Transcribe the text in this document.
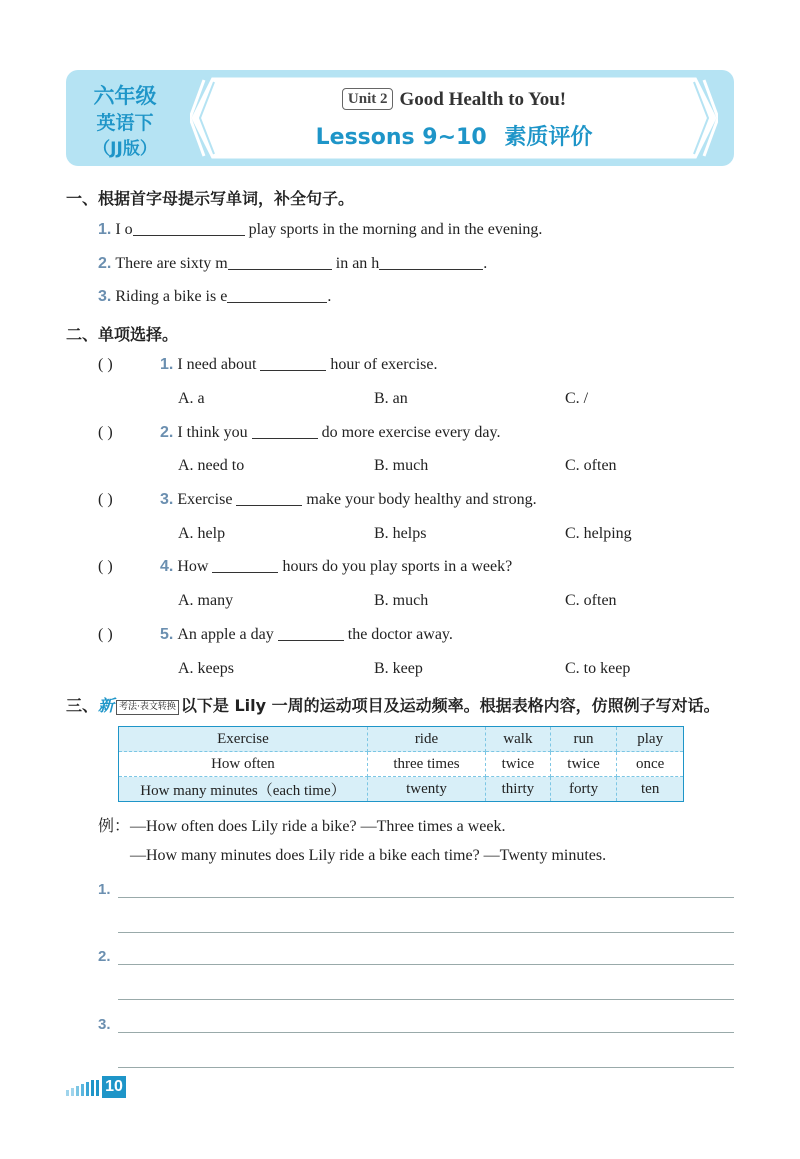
六年级
英语下
（JJ版）
Unit 2 Good Health to You!
Lessons 9~10 素质评价
一、根据首字母提示写单词，补全句子。
1. I o	play sports in the morning and in the evening.
2. There are sixty m	in an h	.
3. Riding a bike is e	.
二、单项选择。
( )	1. I need about	hour of exercise.
A. a	B. an	C. /
( )	2. I think you	do more exercise every day.
A. need to	B. much	C. often
( )	3. Exercise	make your body healthy and strong.
A. help	B. helps	C. helping
( )	4. How	hours do you play sports in a week?
A. many	B. much	C. often
( )	5. An apple a day	the doctor away.
A. keeps	B. keep	C. to keep
三、新 考法·表文转换 以下是 Lily 一周的运动项目及运动频率。根据表格内容，仿照例子写对话。
Exercise	ride	walk	run	play
How often	three times	twice	twice	once
How many minutes（each time）	twenty	thirty	forty	ten
例：—How often does Lily ride a bike? —Three times a week.
—How many minutes does Lily ride a bike each time? —Twenty minutes.
1.
2.
3.
10
